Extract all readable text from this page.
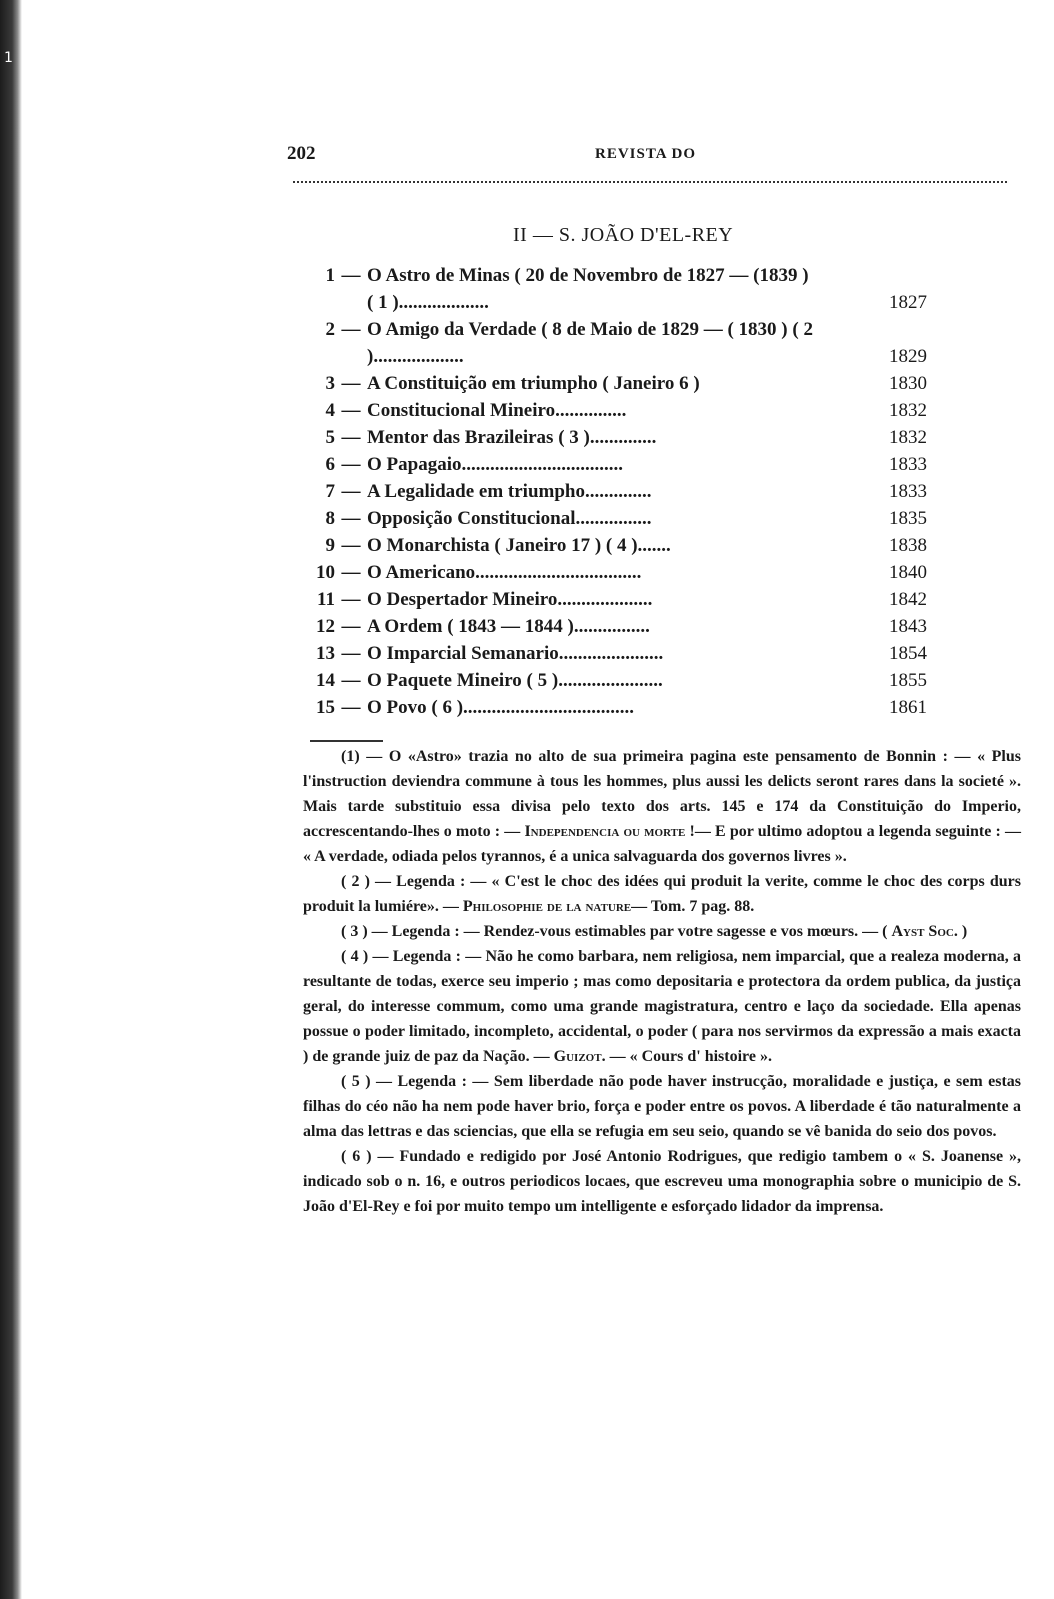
1
202	REVISTA DO
II — S. JOÃO D'EL-REY
1 — O Astro de Minas ( 20 de Novembro de 1827 — (1839 ) ( 1 )...................	1827
2 — O Amigo da Verdade ( 8 de Maio de 1829 — ( 1830 ) ( 2 )...................	1829
3 — A Constituição em triumpho ( Janeiro 6 )	1830
4 — Constitucional Mineiro...............	1832
5 — Mentor das Brazileiras ( 3 )..............	1832
6 — O Papagaio..................................	1833
7 — A Legalidade em triumpho..............	1833
8 — Opposição Constitucional................	1835
9 — O Monarchista ( Janeiro 17 ) ( 4 ).......	1838
10 — O Americano...................................	1840
11 — O Despertador Mineiro....................	1842
12 — A Ordem ( 1843 — 1844 )................	1843
13 — O Imparcial Semanario......................	1854
14 — O Paquete Mineiro ( 5 )......................	1855
15 — O Povo ( 6 )....................................	1861

(1) — O «Astro» trazia no alto de sua primeira pagina este pensamento de Bonnin : — « Plus l'instruction deviendra commune à tous les hommes, plus aussi les delicts seront rares dans la societé ». Mais tarde substituio essa divisa pelo texto dos arts. 145 e 174 da Constituição do Imperio, accrescentando-lhes o moto : — Independencia ou morte !— E por ultimo adoptou a legenda seguinte : — « A verdade, odiada pelos tyrannos, é a unica salvaguarda dos governos livres ».

( 2 ) — Legenda : — « C'est le choc des idées qui produit la verite, comme le choc des corps durs produit la lumiére». — Philosophie de la nature— Tom. 7 pag. 88.

( 3 ) — Legenda : — Rendez-vous estimables par votre sagesse e vos mœurs. — ( Ayst Soc. )

( 4 ) — Legenda : — Não he como barbara, nem religiosa, nem imparcial, que a realeza moderna, a resultante de todas, exerce seu imperio ; mas como depositaria e protectora da ordem publica, da justiça geral, do interesse commum, como uma grande magistratura, centro e laço da sociedade. Ella apenas possue o poder limitado, incompleto, accidental, o poder ( para nos servirmos da expressão a mais exacta ) de grande juiz de paz da Nação. — Guizot. — « Cours d' histoire ».

( 5 ) — Legenda : — Sem liberdade não pode haver instrucção, moralidade e justiça, e sem estas filhas do céo não ha nem pode haver brio, força e poder entre os povos. A liberdade é tão naturalmente a alma das lettras e das sciencias, que ella se refugia em seu seio, quando se vê banida do seio dos povos.

( 6 ) — Fundado e redigido por José Antonio Rodrigues, que redigio tambem o « S. Joanense », indicado sob o n. 16, e outros periodicos locaes, que escreveu uma monographia sobre o municipio de S. João d'El-Rey e foi por muito tempo um intelligente e esforçado lidador da imprensa.
